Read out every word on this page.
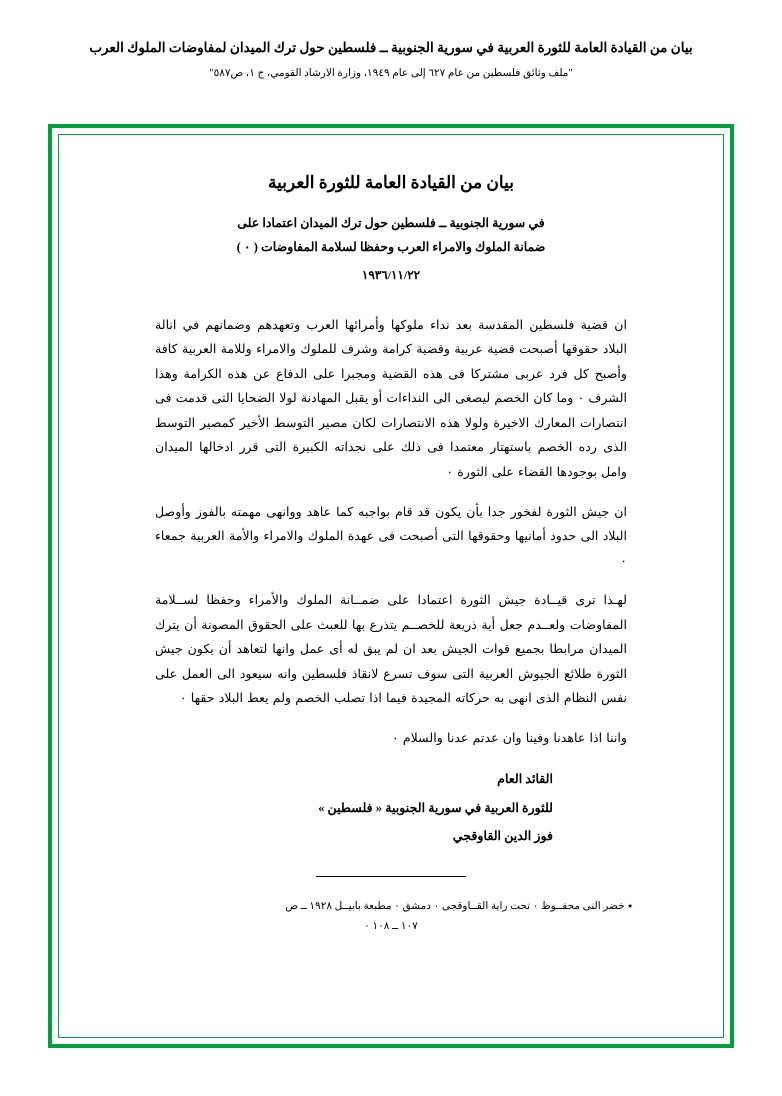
بيان من القيادة العامة للثورة العربية في سورية الجنوبية ــ فلسطين حول ترك الميدان لمفاوضات الملوك العرب
"ملف وثائق فلسطين من عام ٦٢٧ إلى عام ١٩٤٩، وزارة الارشاد القومي، ج ١، ص٥٨٧"
بيان من القيادة العامة للثورة العربية
في سورية الجنوبية ــ فلسطين حول ترك الميدان اعتمادا على
ضمانة الملوك والامراء العرب وحفظا لسلامة المفاوضات ( ٠ )
١٩٣٦/١١/٢٢

ان قضية فلسطين المقدسة بعد نداء ملوكها وأمرائها العرب وتعهدهم وضمانهم في انالة البلاد حقوقها أصبحت قضية عربية وقضية كرامة وشرف للملوك والامراء وللامة العربية كافة وأصبح كل فرد عربى مشتركا فى هذه القضية ومجبرا على الدفاع عن هذه الكرامة وهذا الشرف ٠ وما كان الخصم ليصغى الى النداءات أو يقبل المهادنة لولا الضحايا التى قدمت فى انتصارات المعارك الاخيرة ولولا هذه الانتصارات لكان مصير التوسط الأخير كمصير التوسط الذى رده الخصم باستهتار معتمدا فى ذلك على نجداته الكبيرة التى قرر ادخالها الميدان وامل بوجودها القضاء على الثورة ٠

ان جيش الثورة لفخور جدا بأن يكون قد قام بواجبه كما عاهد ووانهى مهمته بالفوز وأوصل البلاد الى حدود أمانيها وحقوقها التى أصبحت فى عهدة الملوك والامراء والأمة العربية جمعاء ٠

لهـذا ترى قيــادة جيش الثورة اعتمادا على ضمــانة الملوك والأمراء وحفظا لســلامة المفاوضات ولعــدم جعل أية ذريعة للخصــم يتذرع بها للعبث على الحقوق المصونة أن يترك الميدان مرابطا بجميع قوات الجيش بعد ان لم يبق له أى عمل وانها لتعاهد أن يكون جيش الثورة طلائع الجيوش العربية التى سوف تسرع لانقاذ فلسطين وانه سيعود الى العمل على نفس النظام الذى انهى به حركاته المجيدة فيما اذا تصلب الخصم ولم يعط البلاد حقها ٠

واننا اذا عاهدنا وفينا وان عدتم عدنا والسلام ٠

القائد العام
للثورة العربية في سورية الجنوبية « فلسطين »
فوز الدين القاوقجي
٭ خضر النى محفــوظ ٠ تحت راية القــاوقجى ٠ دمشق ٠ مطبعة بابيــل ١٩٢٨ ــ ص
١٠٧ ــ ١٠٨ ٠
